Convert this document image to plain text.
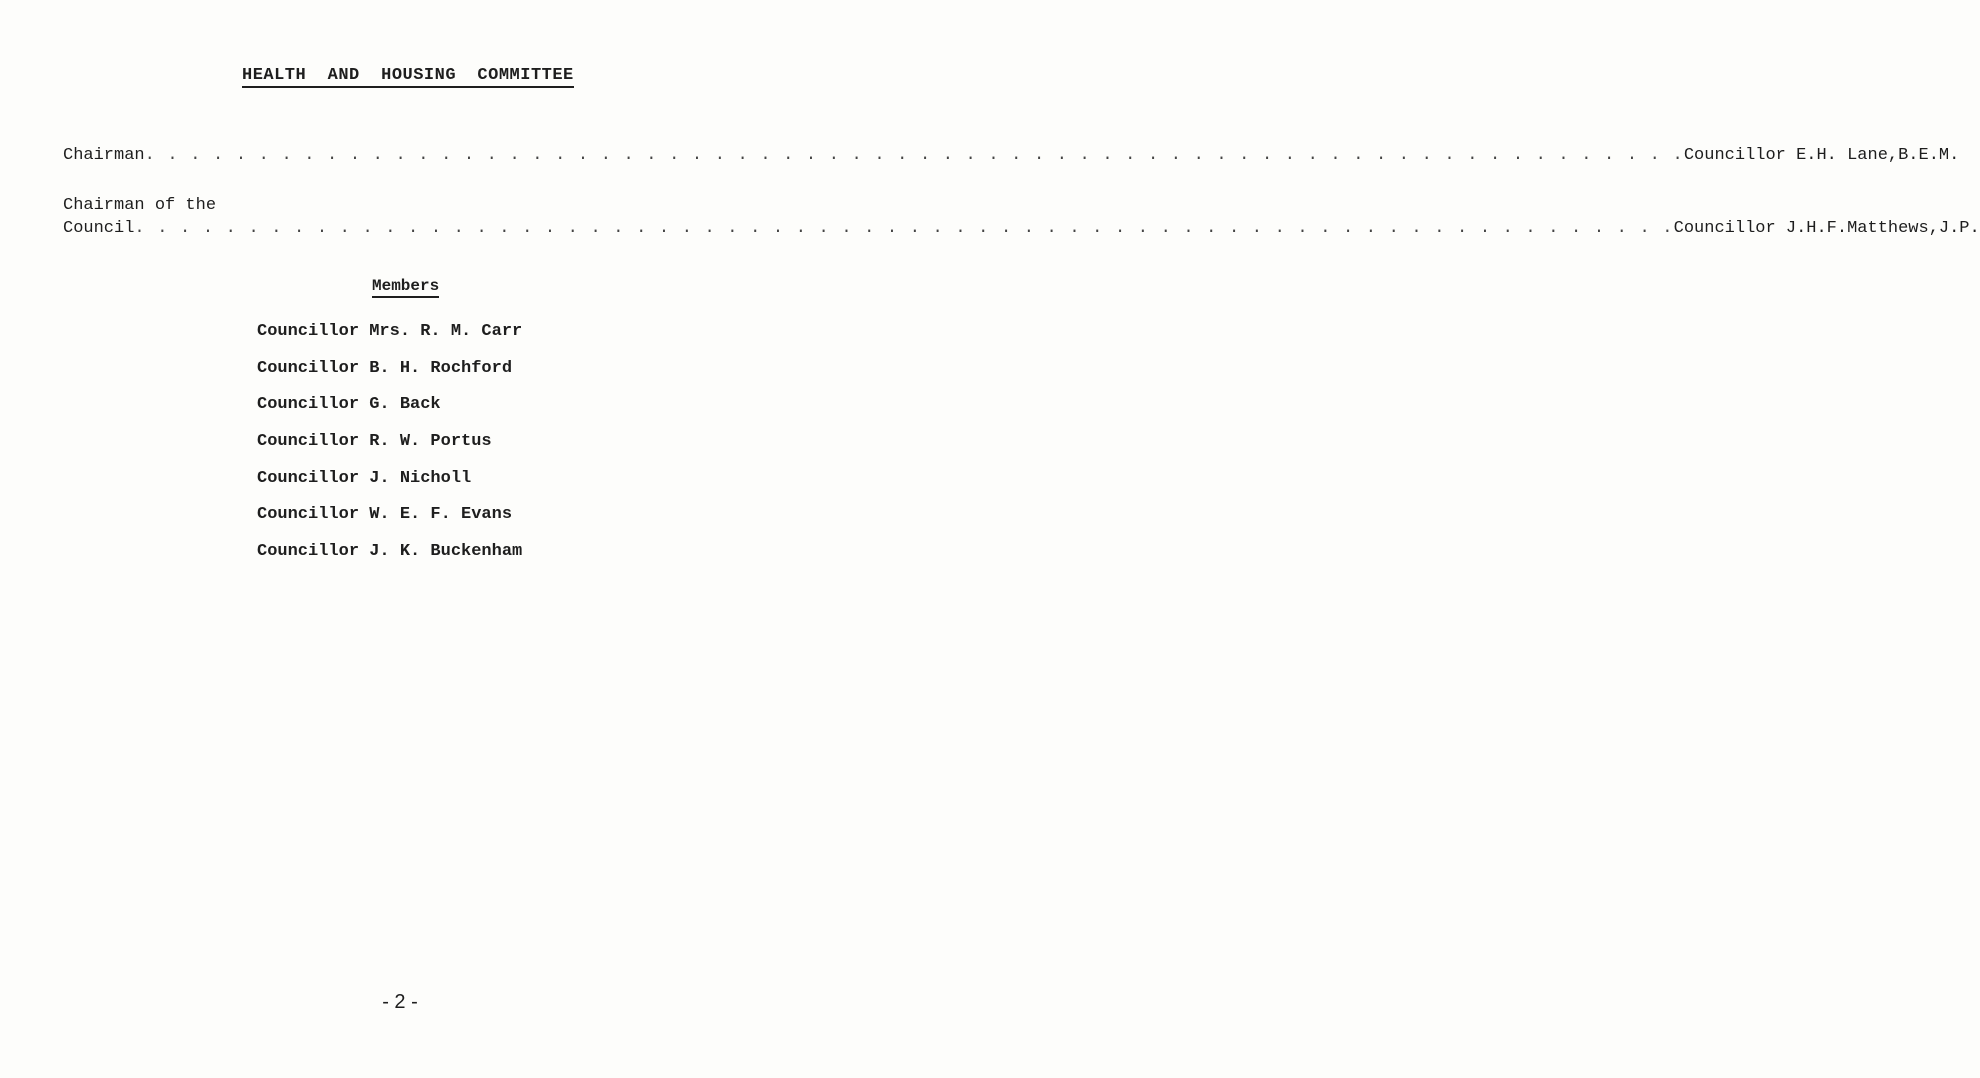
HEALTH  AND  HOUSING  COMMITTEE
Chairman . . . . . . . . . . . . . . . . . . . . . . . . . . . . . . . . . . . . . . . . . . . . . . . . . . . . . . . . . . . . . . . . . . . . Councillor E.H. Lane,B.E.M.
Chairman of the
Council . . . . . . . . . . . . . . . . . . . . . . . . . . . . . . . . . . . . . . . . . . . . . . . . . . . . . . . . . . . . . . . . . . . . Councillor J.H.F.Matthews,J.P.
Members
Councillor Mrs. R. M. Carr
Councillor B. H. Rochford
Councillor G. Back
Councillor R. W. Portus
Councillor J. Nicholl
Councillor W. E. F. Evans
Councillor J. K. Buckenham
- 2 -
